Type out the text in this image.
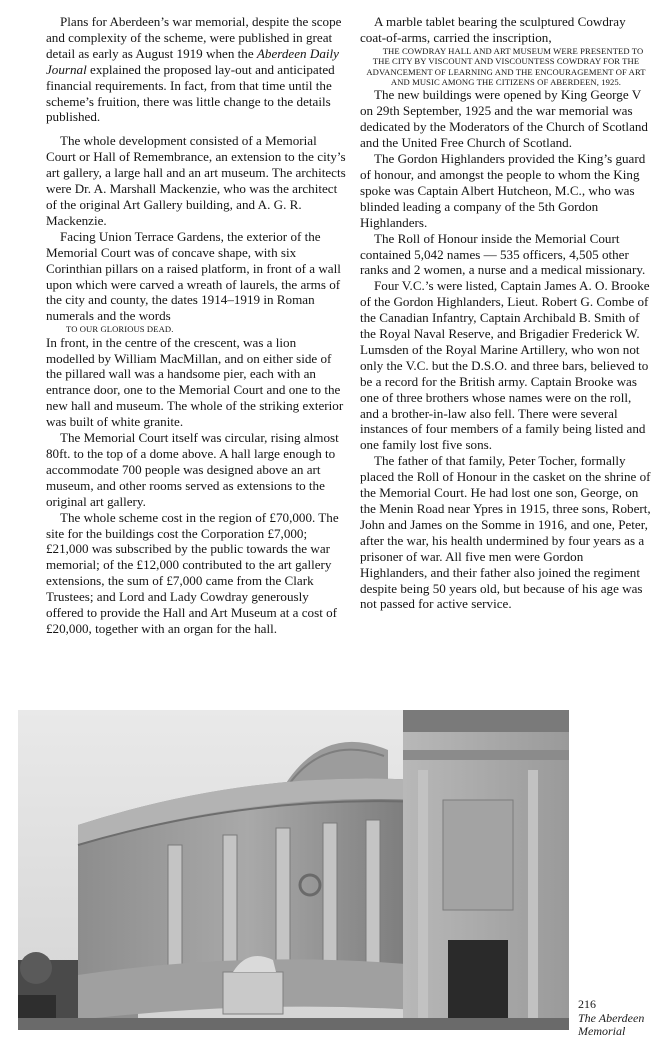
Plans for Aberdeen’s war memorial, despite the scope and complexity of the scheme, were published in great detail as early as August 1919 when the Aberdeen Daily Journal explained the proposed lay-out and anticipated financial requirements. In fact, from that time until the scheme’s fruition, there was little change to the details published.

The whole development consisted of a Memorial Court or Hall of Remembrance, an extension to the city’s art gallery, a large hall and an art museum. The architects were Dr. A. Marshall Mackenzie, who was the architect of the original Art Gallery building, and A. G. R. Mackenzie.

Facing Union Terrace Gardens, the exterior of the Memorial Court was of concave shape, with six Corinthian pillars on a raised platform, in front of a wall upon which were carved a wreath of laurels, the arms of the city and county, the dates 1914–1919 in Roman numerals and the words

TO OUR GLORIOUS DEAD.

In front, in the centre of the crescent, was a lion modelled by William MacMillan, and on either side of the pillared wall was a handsome pier, each with an entrance door, one to the Memorial Court and one to the new hall and museum. The whole of the striking exterior was built of white granite.

The Memorial Court itself was circular, rising almost 80ft. to the top of a dome above. A hall large enough to accommodate 700 people was designed above an art museum, and other rooms served as extensions to the original art gallery.

The whole scheme cost in the region of £70,000. The site for the buildings cost the Corporation £7,000; £21,000 was subscribed by the public towards the war memorial; of the £12,000 contributed to the art gallery extensions, the sum of £7,000 came from the Clark Trustees; and Lord and Lady Cowdray generously offered to provide the Hall and Art Museum at a cost of £20,000, together with an organ for the hall.

A marble tablet bearing the sculptured Cowdray coat-of-arms, carried the inscription,

THE COWDRAY HALL AND ART MUSEUM WERE PRESENTED TO THE CITY BY VISCOUNT AND VISCOUNTESS COWDRAY FOR THE ADVANCEMENT OF LEARNING AND THE ENCOURAGEMENT OF ART AND MUSIC AMONG THE CITIZENS OF ABERDEEN, 1925.

The new buildings were opened by King George V on 29th September, 1925 and the war memorial was dedicated by the Moderators of the Church of Scotland and the United Free Church of Scotland.

The Gordon Highlanders provided the King’s guard of honour, and amongst the people to whom the King spoke was Captain Albert Hutcheon, M.C., who was blinded leading a company of the 5th Gordon Highlanders.

The Roll of Honour inside the Memorial Court contained 5,042 names — 535 officers, 4,505 other ranks and 2 women, a nurse and a medical missionary.

Four V.C.’s were listed, Captain James A. O. Brooke of the Gordon Highlanders, Lieut. Robert G. Combe of the Canadian Infantry, Captain Archibald B. Smith of the Royal Naval Reserve, and Brigadier Frederick W. Lumsden of the Royal Marine Artillery, who won not only the V.C. but the D.S.O. and three bars, believed to be a record for the British army. Captain Brooke was one of three brothers whose names were on the roll, and a brother-in-law also fell. There were several instances of four members of a family being listed and one family lost five sons.

The father of that family, Peter Tocher, formally placed the Roll of Honour in the casket on the shrine of the Memorial Court. He had lost one son, George, on the Menin Road near Ypres in 1915, three sons, Robert, John and James on the Somme in 1916, and one, Peter, after the war, his health undermined by four years as a prisoner of war. All five men were Gordon Highlanders, and their father also joined the regiment despite being 50 years old, but because of his age was not passed for active service.

216
The Aberdeen Memorial
